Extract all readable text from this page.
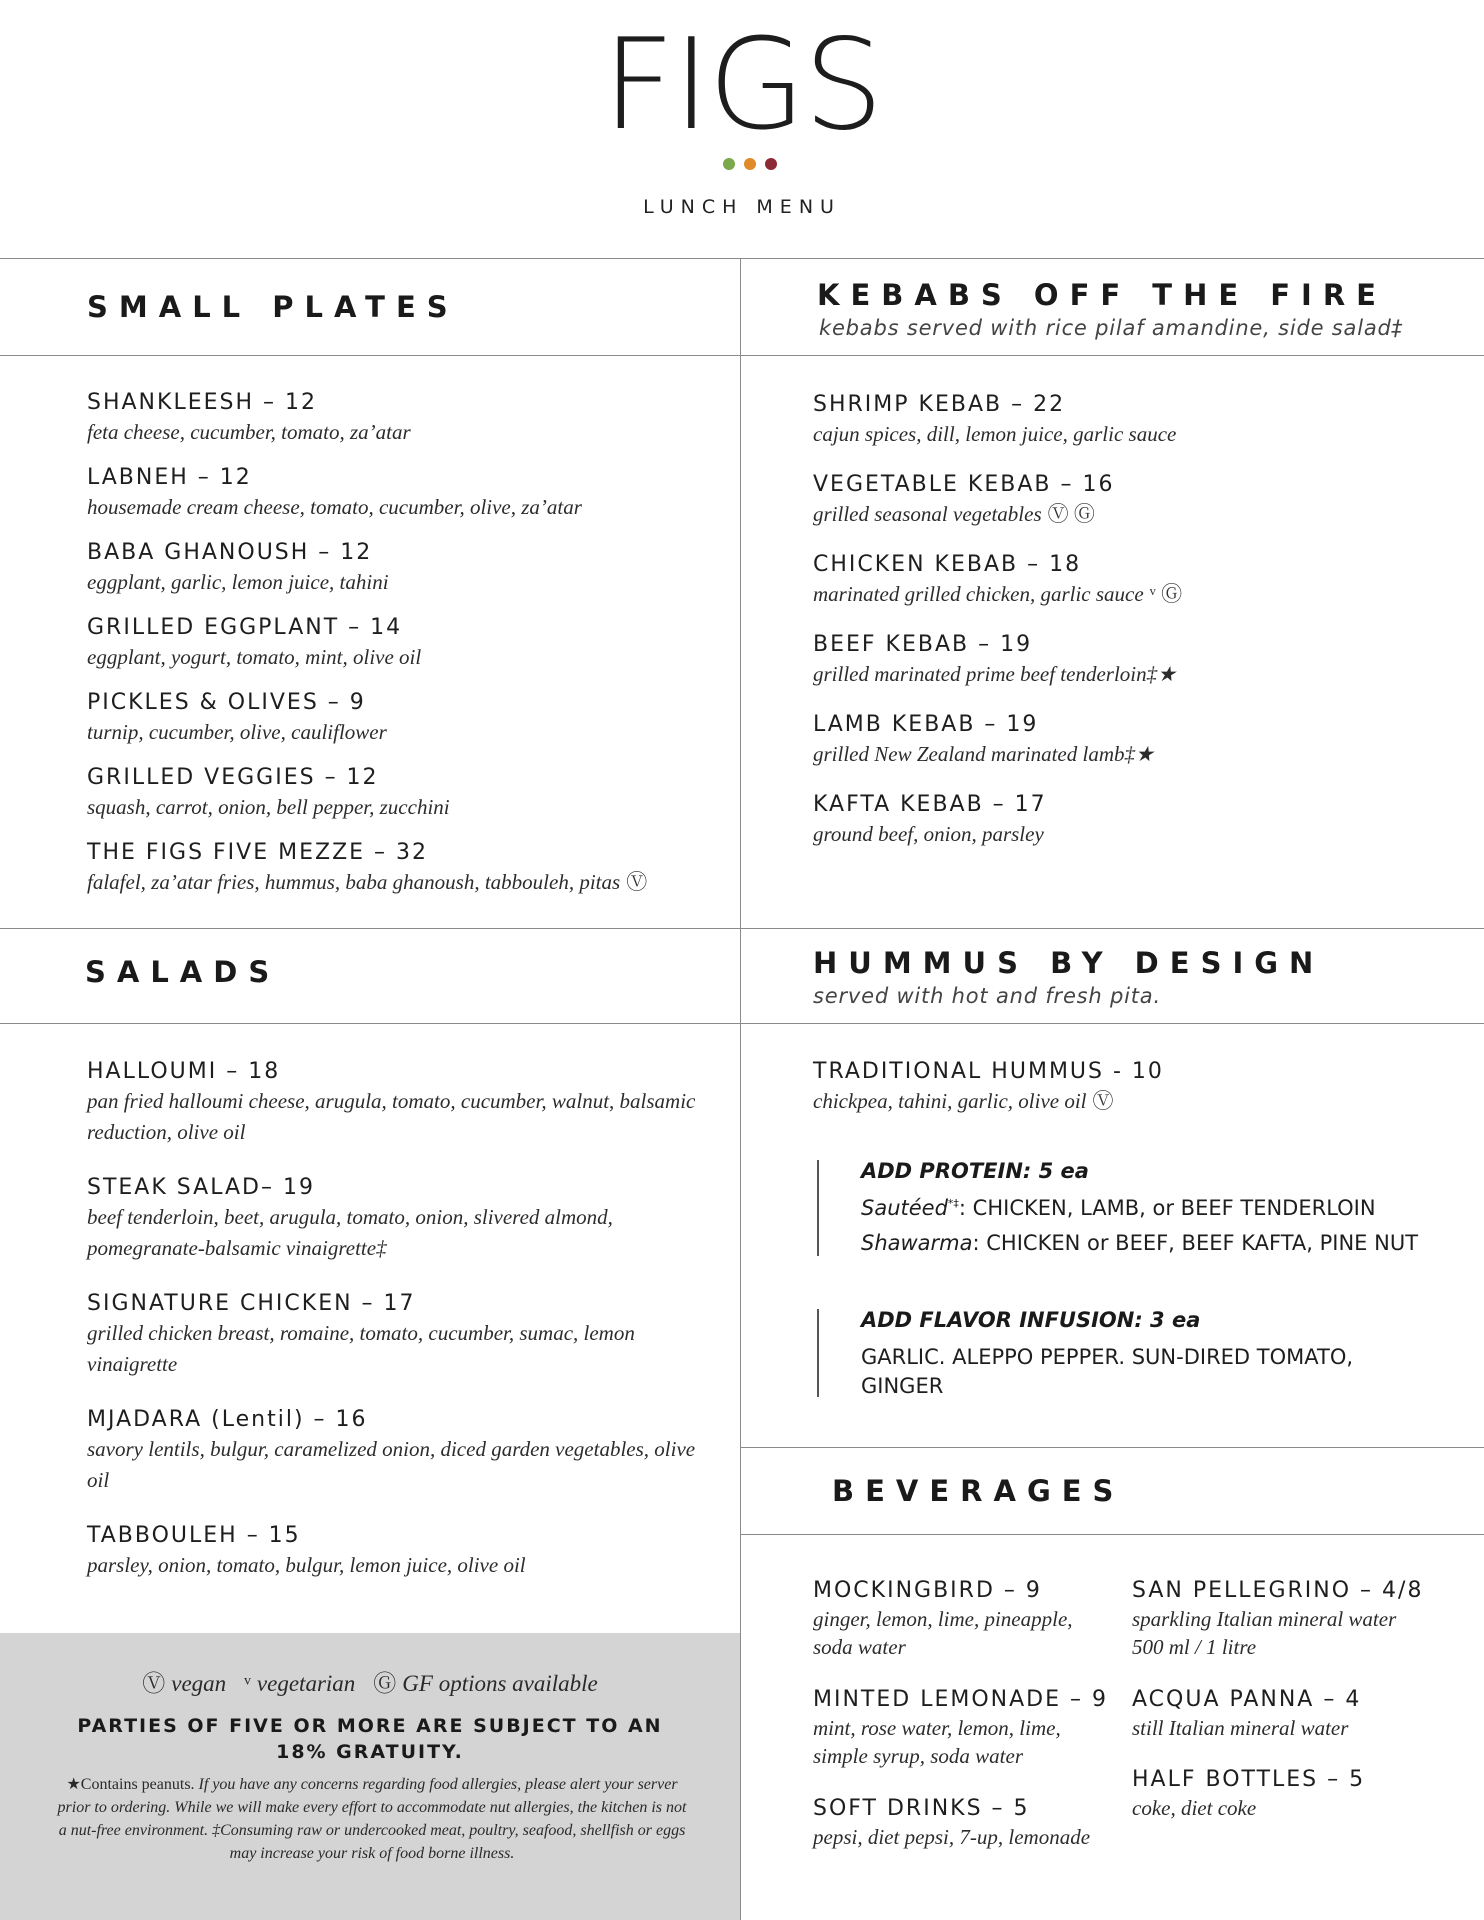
FIGS
LUNCH MENU
SMALL PLATES
SHANKLEESH – 12
feta cheese, cucumber, tomato, za’atar
LABNEH – 12
housemade cream cheese, tomato, cucumber, olive, za’atar
BABA GHANOUSH – 12
eggplant, garlic, lemon juice, tahini
GRILLED EGGPLANT – 14
eggplant, yogurt, tomato, mint, olive oil
PICKLES & OLIVES – 9
turnip, cucumber, olive, cauliflower
GRILLED VEGGIES – 12
squash, carrot, onion, bell pepper, zucchini
THE FIGS FIVE MEZZE – 32
falafel, za’atar fries, hummus, baba ghanoush, tabbouleh, pitas Ⓥ
KEBABS OFF THE FIRE
kebabs served with rice pilaf amandine, side salad‡
SHRIMP KEBAB – 22
cajun spices, dill, lemon juice, garlic sauce
VEGETABLE KEBAB – 16
grilled seasonal vegetables Ⓥ Ⓖ
CHICKEN KEBAB – 18
marinated grilled chicken, garlic sauce ᵛ Ⓖ
BEEF KEBAB – 19
grilled marinated prime beef tenderloin‡★
LAMB KEBAB – 19
grilled New Zealand marinated lamb‡★
KAFTA KEBAB – 17
ground beef, onion, parsley
SALADS
HALLOUMI – 18
pan fried halloumi cheese, arugula, tomato, cucumber, walnut, balsamic reduction, olive oil
STEAK SALAD– 19
beef tenderloin, beet, arugula, tomato, onion, slivered almond, pomegranate-balsamic vinaigrette‡
SIGNATURE CHICKEN – 17
grilled chicken breast, romaine, tomato, cucumber, sumac, lemon vinaigrette
MJADARA (Lentil) – 16
savory lentils, bulgur, caramelized onion, diced garden vegetables, olive oil
TABBOULEH – 15
parsley, onion, tomato, bulgur, lemon juice, olive oil
HUMMUS BY DESIGN
served with hot and fresh pita.
TRADITIONAL HUMMUS - 10
chickpea, tahini, garlic, olive oil Ⓥ
ADD PROTEIN: 5 ea
Sautéed*‡: CHICKEN, LAMB, or BEEF TENDERLOIN
Shawarma: CHICKEN or BEEF, BEEF KAFTA, PINE NUT
ADD FLAVOR INFUSION: 3 ea
GARLIC. ALEPPO PEPPER. SUN-DIRED TOMATO,
GINGER
BEVERAGES
MOCKINGBIRD – 9
ginger, lemon, lime, pineapple, soda water
MINTED LEMONADE – 9
mint, rose water, lemon, lime, simple syrup, soda water
SOFT DRINKS – 5
pepsi, diet pepsi, 7-up, lemonade
SAN PELLEGRINO – 4/8
sparkling Italian mineral water 500 ml / 1 litre
ACQUA PANNA – 4
still Italian mineral water
HALF BOTTLES – 5
coke, diet coke
Ⓥ vegan ᵛ vegetarian Ⓖ GF options available
PARTIES OF FIVE OR MORE ARE SUBJECT TO AN 18% GRATUITY.
★Contains peanuts. If you have any concerns regarding food allergies, please alert your server prior to ordering. While we will make every effort to accommodate nut allergies, the kitchen is not a nut-free environment. ‡Consuming raw or undercooked meat, poultry, seafood, shellfish or eggs may increase your risk of food borne illness.
